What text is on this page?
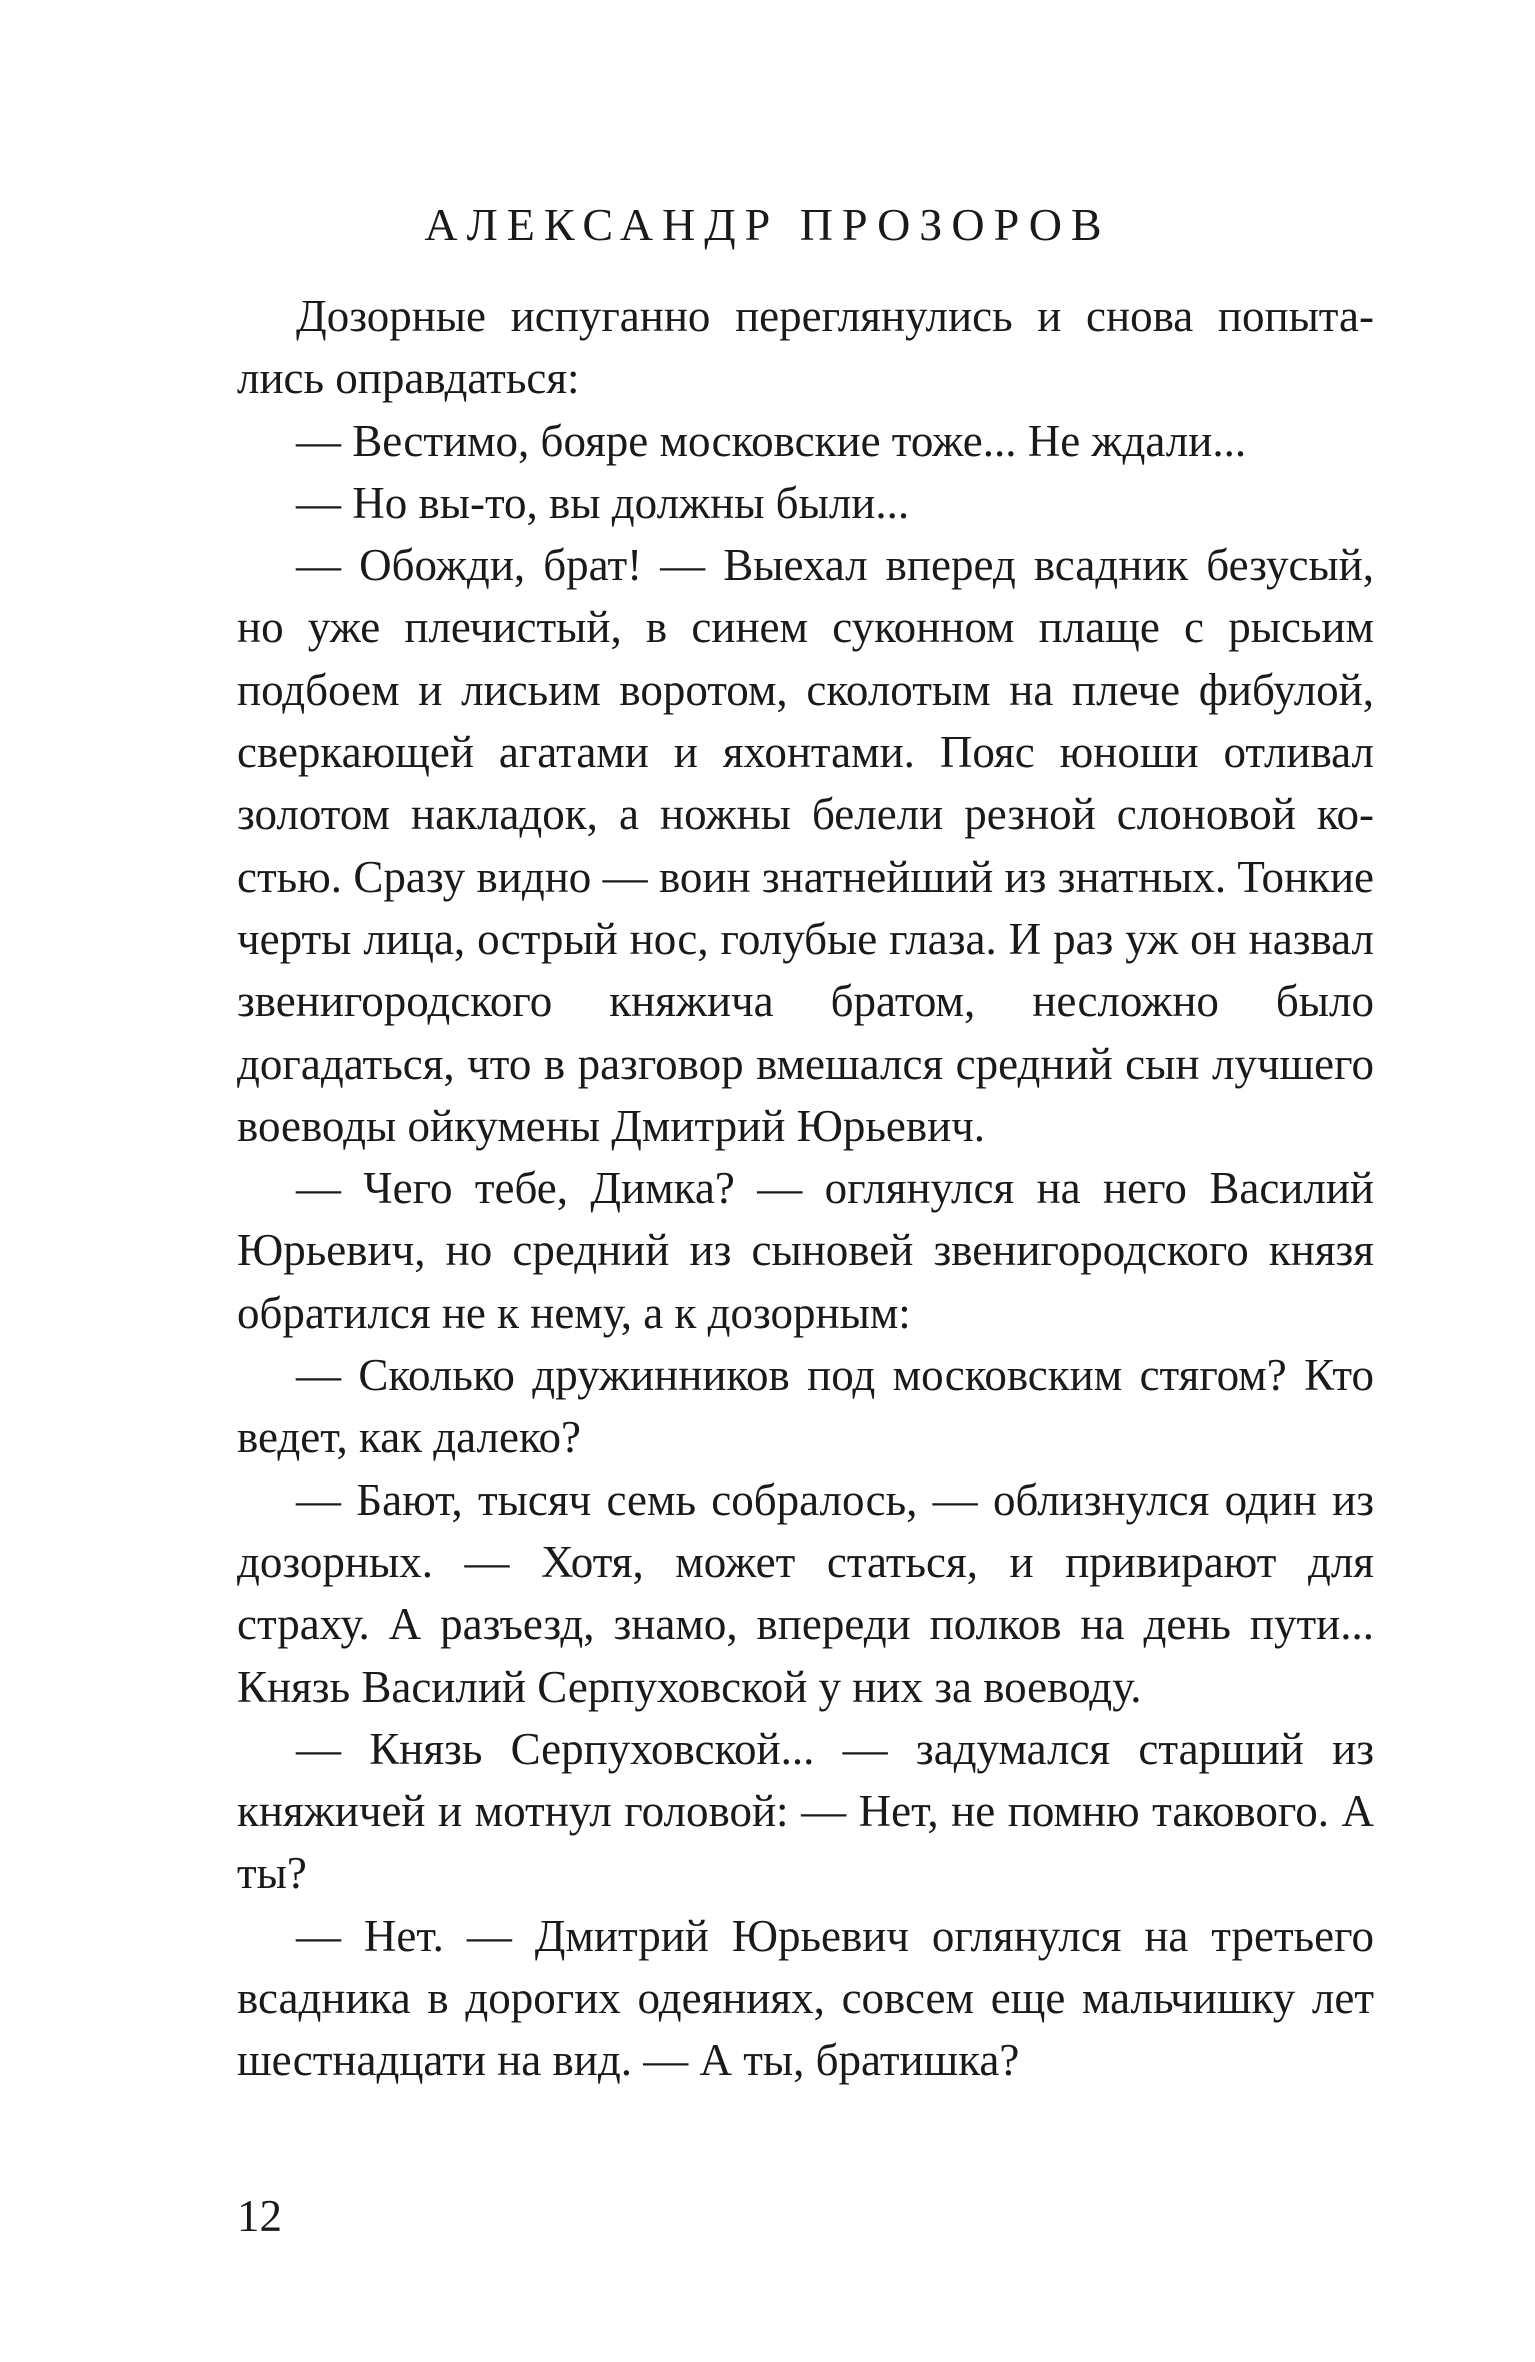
АЛЕКСАНДР ПРОЗОРОВ

Дозорные испуганно переглянулись и снова попытались оправдаться:

— Вестимо, бояре московские тоже... Не ждали...

— Но вы-то, вы должны были...

— Обожди, брат! — Выехал вперед всадник безусый, но уже плечистый, в синем суконном плаще с рысьим подбоем и лисьим воротом, сколотым на плече фибулой, сверкающей агатами и яхонтами. Пояс юноши отливал золотом накладок, а ножны белели резной слоновой костью. Сразу видно — воин знатнейший из знатных. Тонкие черты лица, острый нос, голубые глаза. И раз уж он назвал звенигородского княжича братом, несложно было догадаться, что в разговор вмешался средний сын лучшего воеводы ойкумены Дмитрий Юрьевич.

— Чего тебе, Димка? — оглянулся на него Василий Юрьевич, но средний из сыновей звенигородского князя обратился не к нему, а к дозорным:

— Сколько дружинников под московским стягом? Кто ведет, как далеко?

— Бают, тысяч семь собралось, — облизнулся один из дозорных. — Хотя, может статься, и привирают для страху. А разъезд, знамо, впереди полков на день пути... Князь Василий Серпуховской у них за воеводу.

— Князь Серпуховской... — задумался старший из княжичей и мотнул головой: — Нет, не помню такового. А ты?

— Нет. — Дмитрий Юрьевич оглянулся на третьего всадника в дорогих одеяниях, совсем еще мальчишку лет шестнадцати на вид. — А ты, братишка?

12
